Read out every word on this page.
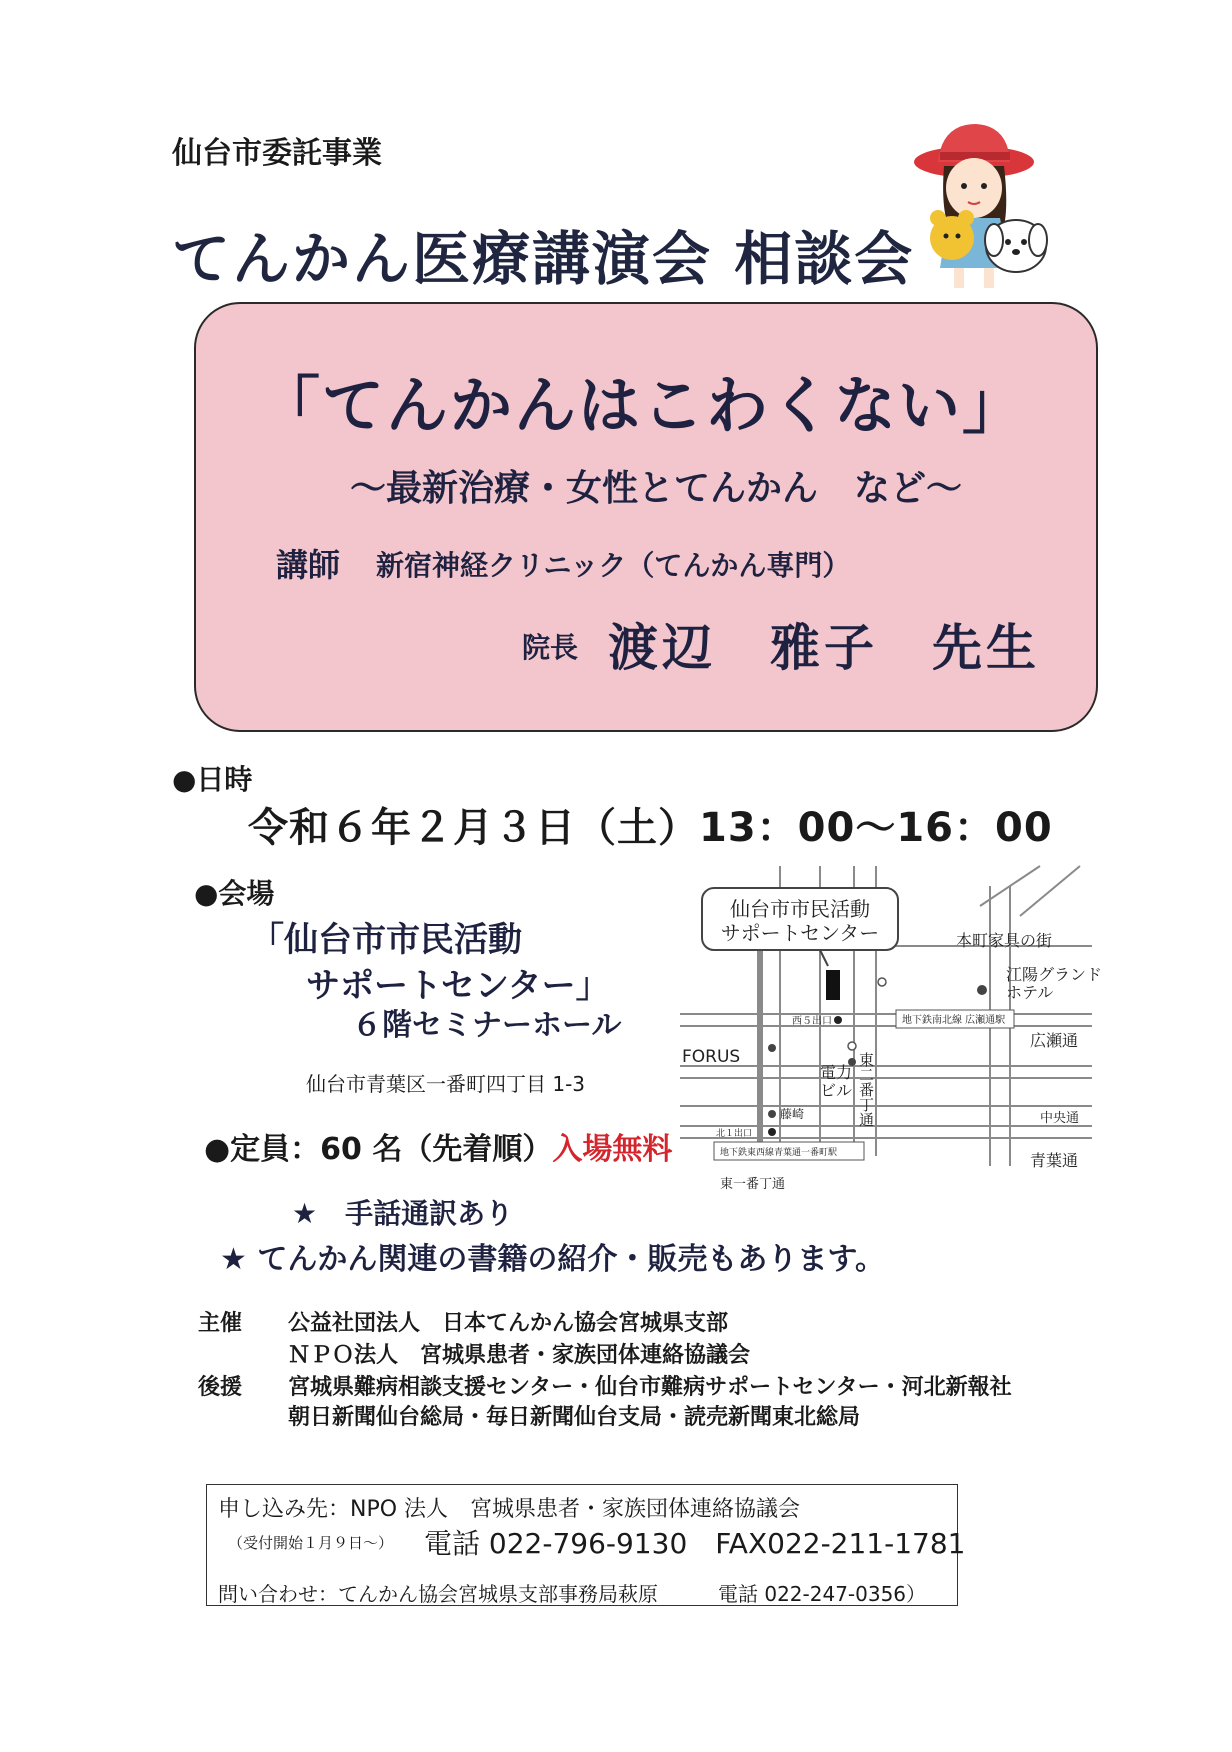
仙台市委託事業
てんかん医療講演会 相談会
「てんかんはこわくない」
～最新治療・女性とてんかん　など～
講師 新宿神経クリニック（てんかん専門）
院長 渡辺　雅子　先生
●日時
令和６年２月３日（土）13：00～16：00
●会場
「仙台市市民活動
サポートセンター」
６階セミナーホール
仙台市青葉区一番町四丁目 1-3
●定員：60 名（先着順）入場無料
★　手話通訳あり
★ てんかん関連の書籍の紹介・販売もあります。
主催 公益社団法人　日本てんかん協会宮城県支部
ＮＰＯ法人　宮城県患者・家族団体連絡協議会
後援 宮城県難病相談支援センター・仙台市難病サポートセンター・河北新報社
朝日新聞仙台総局・毎日新聞仙台支局・読売新聞東北総局
申し込み先：NPO 法人　宮城県患者・家族団体連絡協議会
（受付開始１月９日～） 電話 022-796-9130　FAX022-211-1781
問い合わせ：てんかん協会宮城県支部事務局萩原　　　電話 022-247-0356）
仙台市市民活動
サポートセンター	本町家具の街
江陽グランド
ホテル
西５出口	地下鉄南北線 広瀬通駅
広瀬通
FORUS
電力
ビル 東二番丁通
藤崎
北１出口
中央通
地下鉄東西線青葉通一番町駅	青葉通
東一番丁通
